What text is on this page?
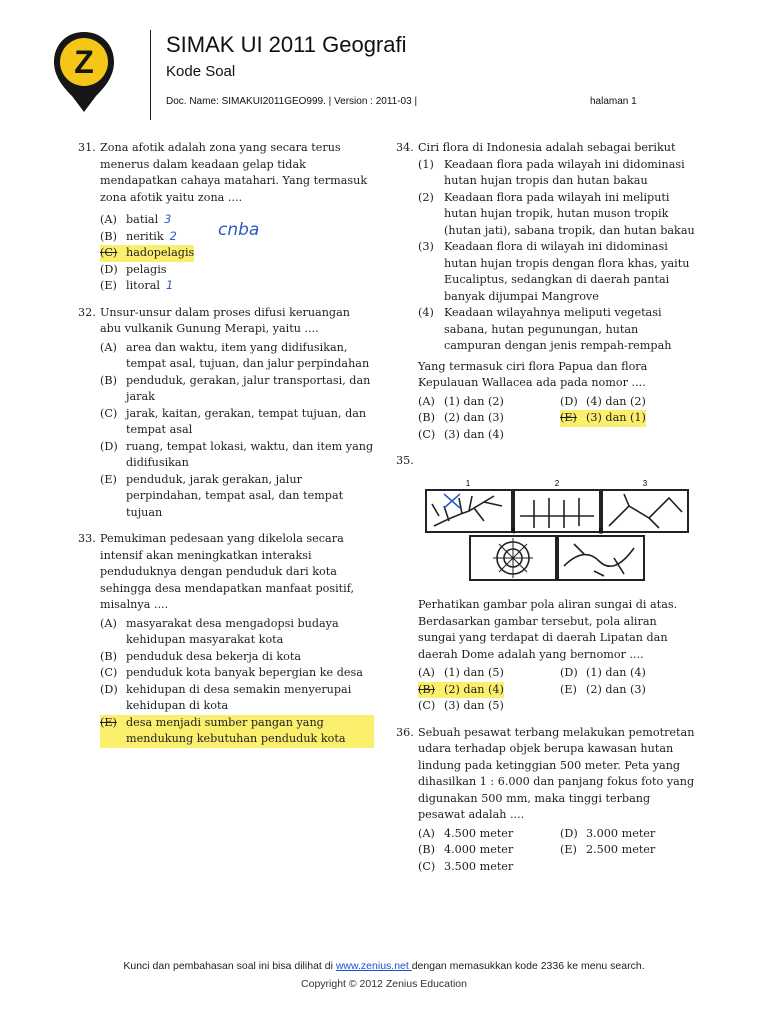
Z	SIMAK UI 2011 Geografi
Kode Soal
Doc. Name: SIMAKUI2011GEO999. | Version : 2011-03 |	halaman 1
31. Zona afotik adalah zona yang secara terus menerus dalam keadaan gelap tidak mendapatkan cahaya matahari. Yang termasuk zona afotik yaitu zona ....
(A) batial 3
(B) neritik 2
(C) hadopelagis
(D) pelagis
(E) litoral 1
cnba
32. Unsur-unsur dalam proses difusi keruangan abu vulkanik Gunung Merapi, yaitu ....
(A) area dan waktu, item yang didifusikan, tempat asal, tujuan, dan jalur perpindahan
(B) penduduk, gerakan, jalur transportasi, dan jarak
(C) jarak, kaitan, gerakan, tempat tujuan, dan tempat asal
(D) ruang, tempat lokasi, waktu, dan item yang didifusikan
(E) penduduk, jarak gerakan, jalur perpindahan, tempat asal, dan tempat tujuan
33. Pemukiman pedesaan yang dikelola secara intensif akan meningkatkan interaksi penduduknya dengan penduduk dari kota sehingga desa mendapatkan manfaat positif, misalnya ....
(A) masyarakat desa mengadopsi budaya kehidupan masyarakat kota
(B) penduduk desa bekerja di kota
(C) penduduk kota banyak bepergian ke desa
(D) kehidupan di desa semakin menyerupai kehidupan di kota
(E) desa menjadi sumber pangan yang mendukung kebutuhan penduduk kota
34. Ciri flora di Indonesia adalah sebagai berikut
(1) Keadaan flora pada wilayah ini didominasi hutan hujan tropis dan hutan bakau
(2) Keadaan flora pada wilayah ini meliputi hutan hujan tropik, hutan muson tropik (hutan jati), sabana tropik, dan hutan bakau
(3) Keadaan flora di wilayah ini didominasi hutan hujan tropis dengan flora khas, yaitu Eucaliptus, sedangkan di daerah pantai banyak dijumpai Mangrove
(4) Keadaan wilayahnya meliputi vegetasi sabana, hutan pegunungan, hutan campuran dengan jenis rempah-rempah
Yang termasuk ciri flora Papua dan flora Kepulauan Wallacea ada pada nomor ....
(A) (1) dan (2)	(D) (4) dan (2)
(B) (2) dan (3)	(E) (3) dan (1)
(C) (3) dan (4)
35.
1	2	3
4	5
Perhatikan gambar pola aliran sungai di atas. Berdasarkan gambar tersebut, pola aliran sungai yang terdapat di daerah Lipatan dan daerah Dome adalah yang bernomor ....
(A) (1) dan (5)	(D) (1) dan (4)
(B) (2) dan (4)	(E) (2) dan (3)
(C) (3) dan (5)
36. Sebuah pesawat terbang melakukan pemotretan udara terhadap objek berupa kawasan hutan lindung pada ketinggian 500 meter. Peta yang dihasilkan 1 : 6.000 dan panjang fokus foto yang digunakan 500 mm, maka tinggi terbang pesawat adalah ....
(A) 4.500 meter	(D) 3.000 meter
(B) 4.000 meter	(E) 2.500 meter
(C) 3.500 meter
Kunci dan pembahasan soal ini bisa dilihat di www.zenius.net dengan memasukkan kode 2336 ke menu search.
Copyright © 2012 Zenius Education
